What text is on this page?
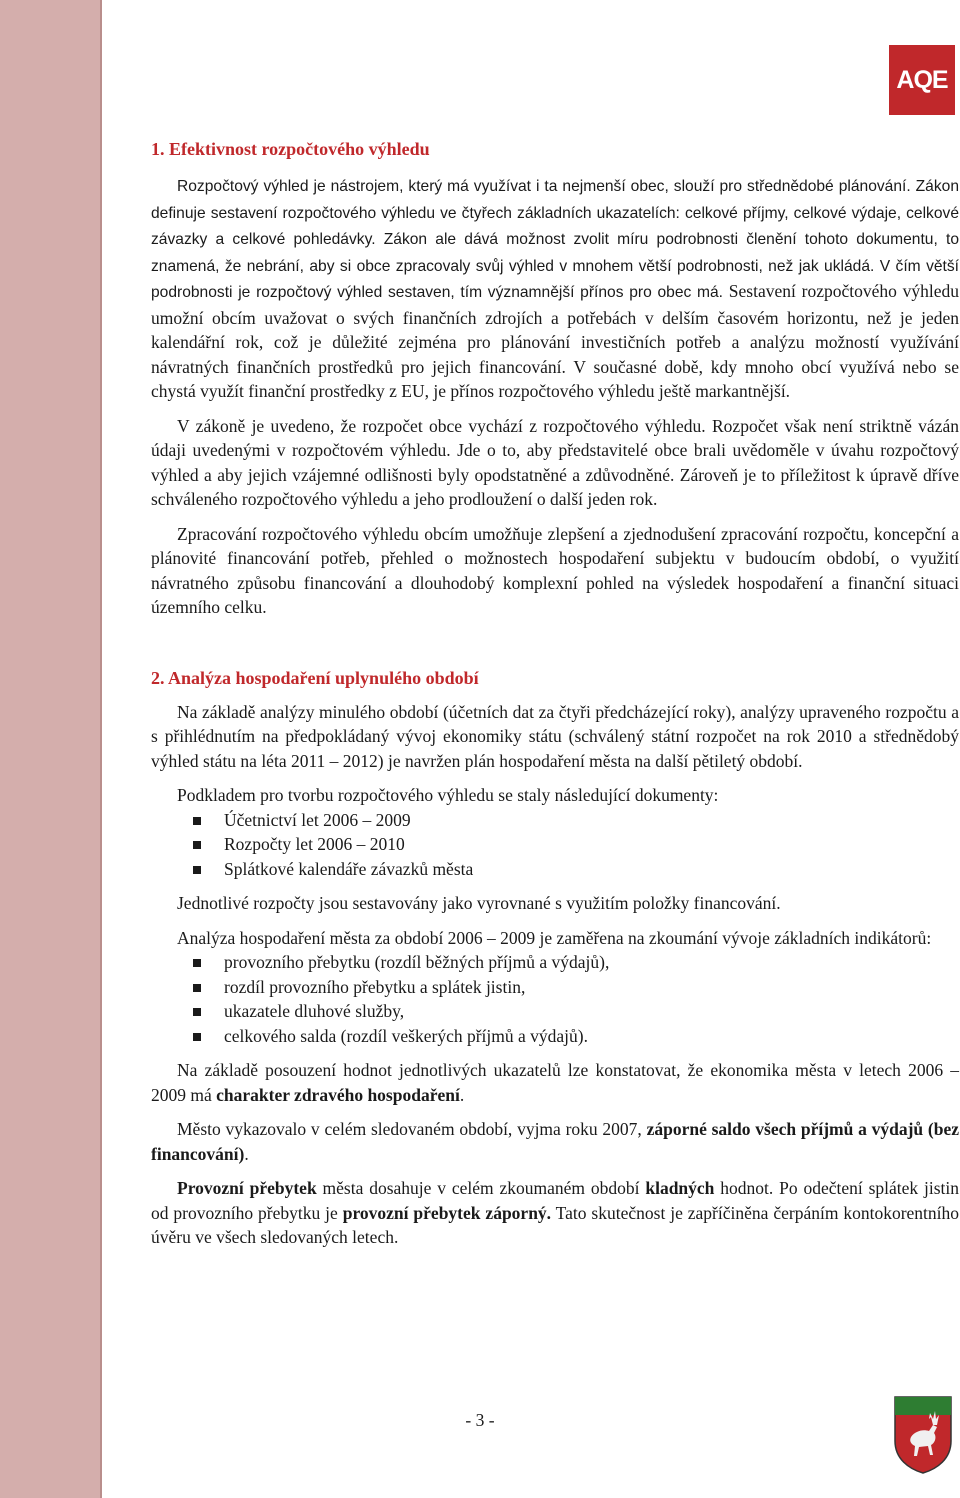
AQE
1. Efektivnost rozpočtového výhledu

Rozpočtový výhled je nástrojem, který má využívat i ta nejmenší obec, slouží pro střednědobé plánování. Zákon definuje sestavení rozpočtového výhledu ve čtyřech základních ukazatelích: celkové příjmy, celkové výdaje, celkové závazky a celkové pohledávky. Zákon ale dává možnost zvolit míru podrobnosti členění tohoto dokumentu, to znamená, že nebrání, aby si obce zpracovaly svůj výhled v mnohem větší podrobnosti, než jak ukládá. V čím větší podrobnosti je rozpočtový výhled sestaven, tím významnější přínos pro obec má. Sestavení rozpočtového výhledu umožní obcím uvažovat o svých finančních zdrojích a potřebách v delším časovém horizontu, než je jeden kalendářní rok, což je důležité zejména pro plánování investičních potřeb a analýzu možností využívání návratných finančních prostředků pro jejich financování. V současné době, kdy mnoho obcí využívá nebo se chystá využít finanční prostředky z EU, je přínos rozpočtového výhledu ještě markantnější.

V zákoně je uvedeno, že rozpočet obce vychází z rozpočtového výhledu. Rozpočet však není striktně vázán údaji uvedenými v rozpočtovém výhledu. Jde o to, aby představitelé obce brali uvědoměle v úvahu rozpočtový výhled a aby jejich vzájemné odlišnosti byly opodstatněné a zdůvodněné. Zároveň je to příležitost k úpravě dříve schváleného rozpočtového výhledu a jeho prodloužení o další jeden rok.

Zpracování rozpočtového výhledu obcím umožňuje zlepšení a zjednodušení zpracování rozpočtu, koncepční a plánovité financování potřeb, přehled o možnostech hospodaření subjektu v budoucím období, o využití návratného způsobu financování a dlouhodobý komplexní pohled na výsledek hospodaření a finanční situaci územního celku.

2. Analýza hospodaření uplynulého období

Na základě analýzy minulého období (účetních dat za čtyři předcházející roky), analýzy upraveného rozpočtu a s přihlédnutím na předpokládaný vývoj ekonomiky státu (schválený státní rozpočet na rok 2010 a střednědobý výhled státu na léta 2011 – 2012) je navržen plán hospodaření města na další pětiletý období.

Podkladem pro tvorbu rozpočtového výhledu se staly následující dokumenty:

Účetnictví let 2006 – 2009
Rozpočty let 2006 – 2010
Splátkové kalendáře závazků města

Jednotlivé rozpočty jsou sestavovány jako vyrovnané s využitím položky financování.

Analýza hospodaření města za období 2006 – 2009 je zaměřena na zkoumání vývoje základních indikátorů:

provozního přebytku (rozdíl běžných příjmů a výdajů),
rozdíl provozního přebytku a splátek jistin,
ukazatele dluhové služby,
celkového salda (rozdíl veškerých příjmů a výdajů).

Na základě posouzení hodnot jednotlivých ukazatelů lze konstatovat, že ekonomika města v letech 2006 – 2009 má charakter zdravého hospodaření.

Město vykazovalo v celém sledovaném období, vyjma roku 2007, záporné saldo všech příjmů a výdajů (bez financování).

Provozní přebytek města dosahuje v celém zkoumaném období kladných hodnot. Po odečtení splátek jistin od provozního přebytku je provozní přebytek záporný. Tato skutečnost je zapříčiněna čerpáním kontokorentního úvěru ve všech sledovaných letech.

- 3 -
